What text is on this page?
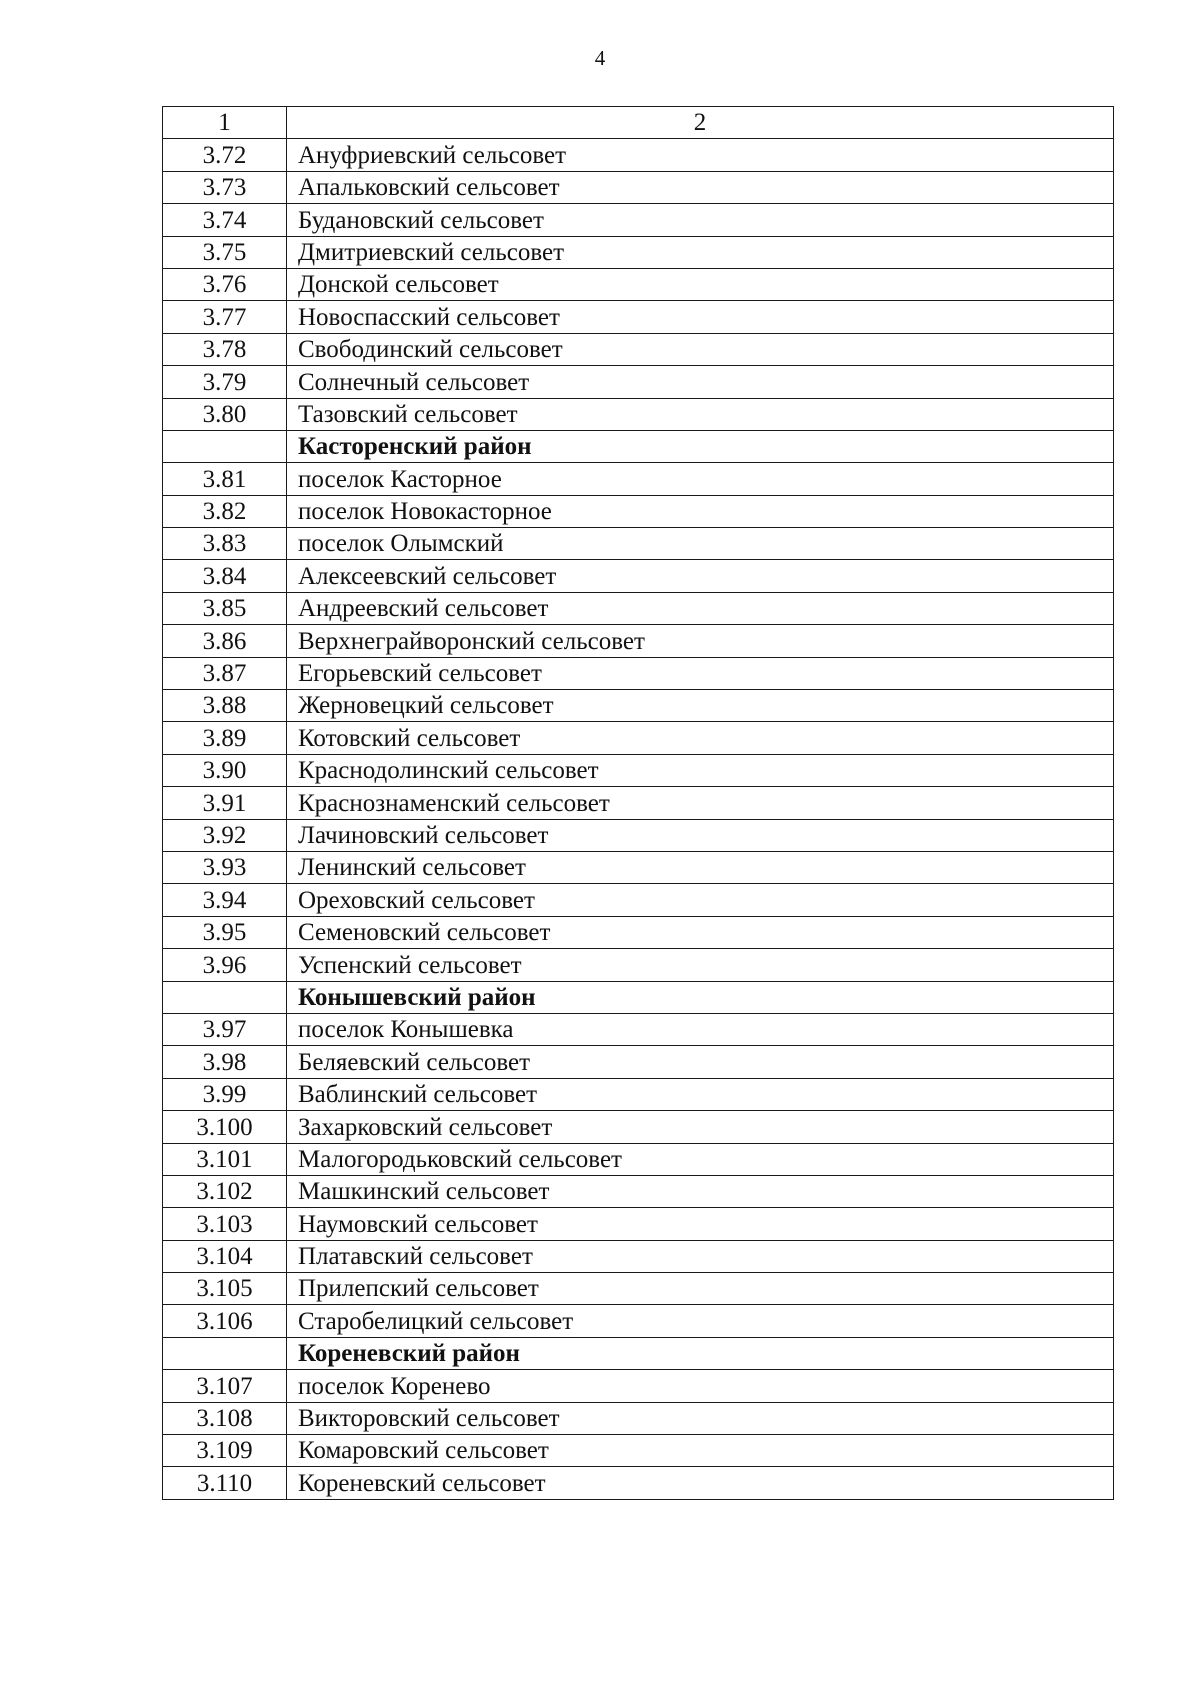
4
1	2
3.72	Ануфриевский сельсовет
3.73	Апальковский сельсовет
3.74	Будановский сельсовет
3.75	Дмитриевский сельсовет
3.76	Донской сельсовет
3.77	Новоспасский сельсовет
3.78	Свободинский сельсовет
3.79	Солнечный сельсовет
3.80	Тазовский сельсовет
	Касторенский район
3.81	поселок Касторное
3.82	поселок Новокасторное
3.83	поселок Олымский
3.84	Алексеевский сельсовет
3.85	Андреевский сельсовет
3.86	Верхнеграйворонский сельсовет
3.87	Егорьевский сельсовет
3.88	Жерновецкий сельсовет
3.89	Котовский сельсовет
3.90	Краснодолинский сельсовет
3.91	Краснознаменский сельсовет
3.92	Лачиновский сельсовет
3.93	Ленинский сельсовет
3.94	Ореховский сельсовет
3.95	Семеновский сельсовет
3.96	Успенский сельсовет
	Конышевский район
3.97	поселок Конышевка
3.98	Беляевский сельсовет
3.99	Ваблинский сельсовет
3.100	Захарковский сельсовет
3.101	Малогородьковский сельсовет
3.102	Машкинский сельсовет
3.103	Наумовский сельсовет
3.104	Платавский сельсовет
3.105	Прилепский сельсовет
3.106	Старобелицкий сельсовет
	Кореневский район
3.107	поселок Коренево
3.108	Викторовский сельсовет
3.109	Комаровский сельсовет
3.110	Кореневский сельсовет
